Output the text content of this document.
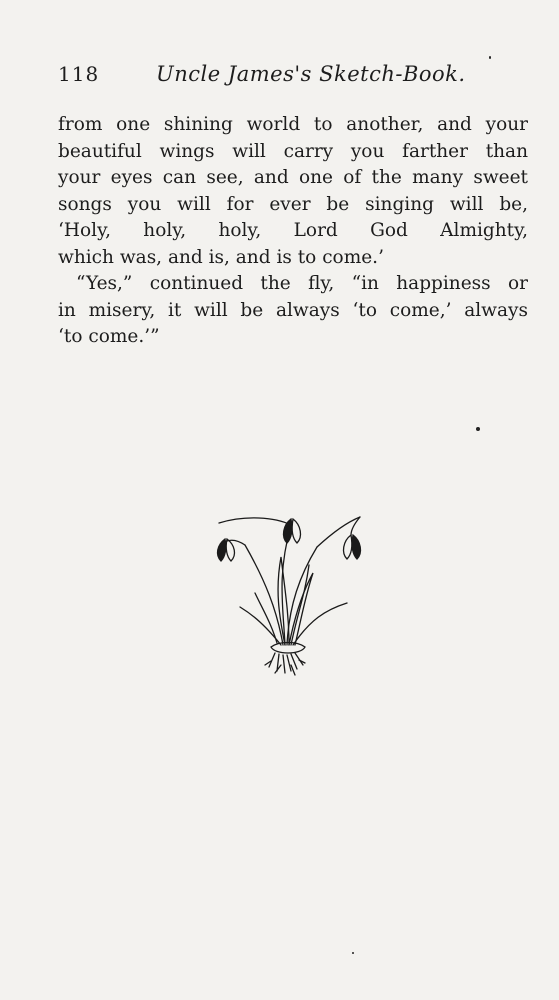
118	Uncle James's Sketch-Book.
from one shining world to another, and your
beautiful wings will carry you farther than
your eyes can see, and one of the many sweet
songs you will for ever be singing will be,
‘Holy, holy, holy, Lord God Almighty,
which was, and is, and is to come.’
“Yes,” continued the fly, “in happiness or
in misery, it will be always ‘to come,’ always
‘to come.’”
